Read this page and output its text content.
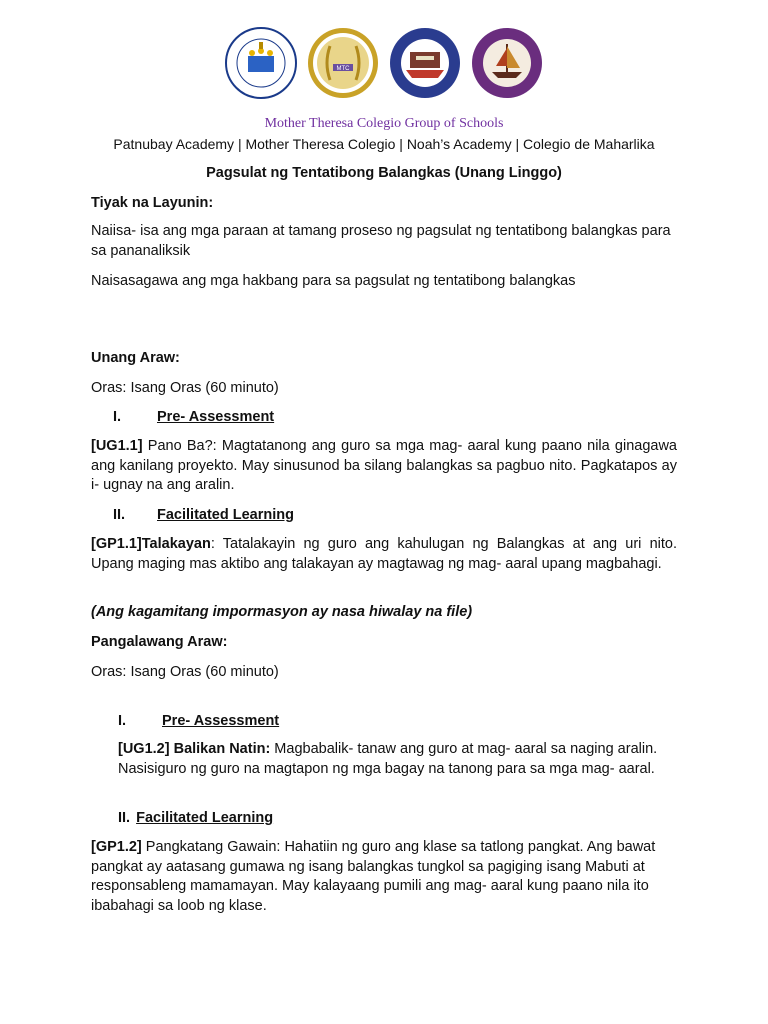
MTC
Mother Theresa Colegio Group of Schools
Patnubay Academy | Mother Theresa Colegio | Noah’s Academy | Colegio de Maharlika

Pagsulat ng Tentatibong Balangkas (Unang Linggo)

Tiyak na Layunin:

Naiisa- isa ang mga paraan at tamang proseso ng pagsulat ng tentatibong balangkas para sa pananaliksik

Naisasagawa ang mga hakbang para sa pagsulat ng tentatibong balangkas

Unang Araw:

Oras: Isang Oras (60 minuto)

I. Pre- Assessment

[UG1.1] Pano Ba?: Magtatanong ang guro sa mga mag- aaral kung paano nila ginagawa ang kanilang proyekto. May sinusunod ba silang balangkas sa pagbuo nito. Pagkatapos ay i- ugnay na ang aralin.

II. Facilitated Learning

[GP1.1]Talakayan: Tatalakayin ng guro ang kahulugan ng Balangkas at ang uri nito. Upang maging mas aktibo ang talakayan ay magtawag ng mag- aaral upang magbahagi.

(Ang kagamitang impormasyon ay nasa hiwalay na file)

Pangalawang Araw:

Oras: Isang Oras (60 minuto)

I. Pre- Assessment

[UG1.2] Balikan Natin: Magbabalik- tanaw ang guro at mag- aaral sa naging aralin. Nasisiguro ng guro na magtapon ng mga bagay na tanong para sa mga mag- aaral.

II. Facilitated Learning

[GP1.2] Pangkatang Gawain: Hahatiin ng guro ang klase sa tatlong pangkat. Ang bawat pangkat ay aatasang gumawa ng isang balangkas tungkol sa pagiging isang Mabuti at responsableng mamamayan. May kalayaang pumili ang mag- aaral kung paano nila ito ibabahagi sa loob ng klase.
